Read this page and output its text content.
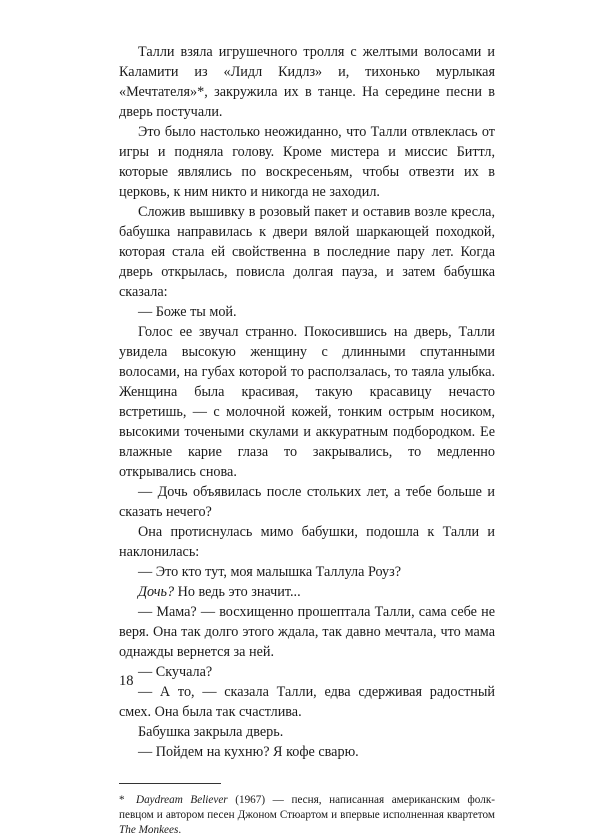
Талли взяла игрушечного тролля с желтыми волосами и Каламити из «Лидл Кидлз» и, тихонько мурлыкая «Мечтателя»*, закружила их в танце. На середине песни в дверь постучали.

Это было настолько неожиданно, что Талли отвлеклась от игры и подняла голову. Кроме мистера и миссис Биттл, которые являлись по воскресеньям, чтобы отвезти их в церковь, к ним никто и никогда не заходил.

Сложив вышивку в розовый пакет и оставив возле кресла, бабушка направилась к двери вялой шаркающей походкой, которая стала ей свойственна в последние пару лет. Когда дверь открылась, повисла долгая пауза, и затем бабушка сказала:

— Боже ты мой.

Голос ее звучал странно. Покосившись на дверь, Талли увидела высокую женщину с длинными спутанными волосами, на губах которой то расползалась, то таяла улыбка. Женщина была красивая, такую красавицу нечасто встретишь, — с молочной кожей, тонким острым носиком, высокими точеными скулами и аккуратным подбородком. Ее влажные карие глаза то закрывались, то медленно открывались снова.

— Дочь объявилась после стольких лет, а тебе больше и сказать нечего?

Она протиснулась мимо бабушки, подошла к Талли и наклонилась:

— Это кто тут, моя малышка Таллула Роуз?

Дочь? Но ведь это значит...

— Мама? — восхищенно прошептала Талли, сама себе не веря. Она так долго этого ждала, так давно мечтала, что мама однажды вернется за ней.

— Скучала?

— А то, — сказала Талли, едва сдерживая радостный смех. Она была так счастлива.

Бабушка закрыла дверь.

— Пойдем на кухню? Я кофе сварю.

* Daydream Believer (1967) — песня, написанная американским фолк-певцом и автором песен Джоном Стюартом и впервые исполненная квартетом The Monkees.
18
